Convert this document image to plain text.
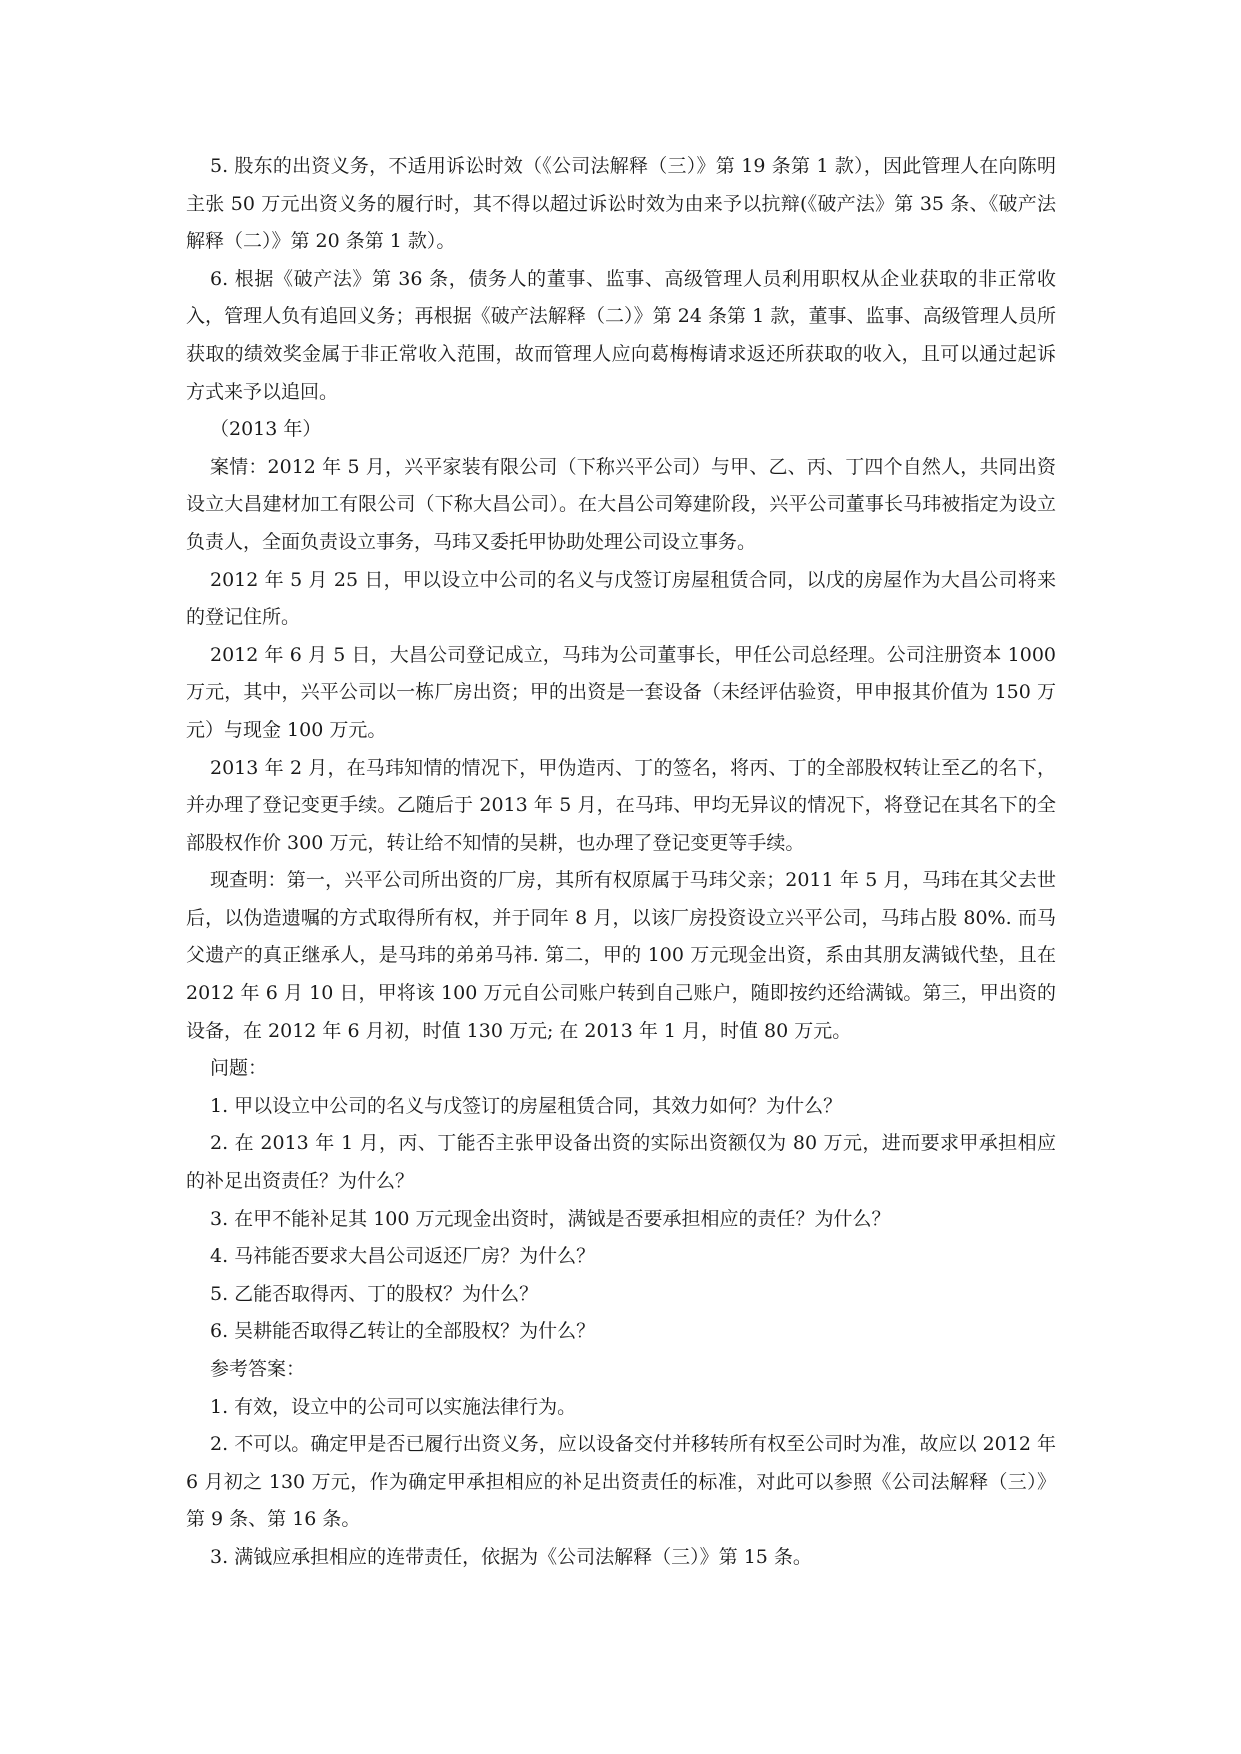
5. 股东的出资义务，不适用诉讼时效（《公司法解释（三）》第 19 条第 1 款），因此管理人在向陈明主张 50 万元出资义务的履行时，其不得以超过诉讼时效为由来予以抗辩(《破产法》第 35 条、《破产法解释（二）》第 20 条第 1 款）。

6. 根据《破产法》第 36 条，债务人的董事、监事、高级管理人员利用职权从企业获取的非正常收入，管理人负有追回义务；再根据《破产法解释（二）》第 24 条第 1 款，董事、监事、高级管理人员所获取的绩效奖金属于非正常收入范围，故而管理人应向葛梅梅请求返还所获取的收入，且可以通过起诉方式来予以追回。

（2013 年）

案情：2012 年 5 月，兴平家装有限公司（下称兴平公司）与甲、乙、丙、丁四个自然人，共同出资设立大昌建材加工有限公司（下称大昌公司）。在大昌公司筹建阶段，兴平公司董事长马玮被指定为设立负责人，全面负责设立事务，马玮又委托甲协助处理公司设立事务。

2012 年 5 月 25 日，甲以设立中公司的名义与戊签订房屋租赁合同，以戊的房屋作为大昌公司将来的登记住所。

2012 年 6 月 5 日，大昌公司登记成立，马玮为公司董事长，甲任公司总经理。公司注册资本 1000 万元，其中，兴平公司以一栋厂房出资；甲的出资是一套设备（未经评估验资，甲申报其价值为 150 万元）与现金 100 万元。

2013 年 2 月，在马玮知情的情况下，甲伪造丙、丁的签名，将丙、丁的全部股权转让至乙的名下，并办理了登记变更手续。乙随后于 2013 年 5 月，在马玮、甲均无异议的情况下，将登记在其名下的全部股权作价 300 万元，转让给不知情的吴耕，也办理了登记变更等手续。

现查明：第一，兴平公司所出资的厂房，其所有权原属于马玮父亲；2011 年 5 月，马玮在其父去世后，以伪造遗嘱的方式取得所有权，并于同年 8 月，以该厂房投资设立兴平公司，马玮占股 80%. 而马父遗产的真正继承人，是马玮的弟弟马祎. 第二，甲的 100 万元现金出资，系由其朋友满钺代垫，且在 2012 年 6 月 10 日，甲将该 100 万元自公司账户转到自己账户，随即按约还给满钺。第三，甲出资的设备，在 2012 年 6 月初，时值 130 万元; 在 2013 年 1 月，时值 80 万元。

问题：

1. 甲以设立中公司的名义与戊签订的房屋租赁合同，其效力如何？为什么？

2. 在 2013 年 1 月，丙、丁能否主张甲设备出资的实际出资额仅为 80 万元，进而要求甲承担相应的补足出资责任？为什么？

3. 在甲不能补足其 100 万元现金出资时，满钺是否要承担相应的责任？为什么？

4. 马祎能否要求大昌公司返还厂房？为什么？

5. 乙能否取得丙、丁的股权？为什么？

6. 吴耕能否取得乙转让的全部股权？为什么？

参考答案：

1. 有效，设立中的公司可以实施法律行为。

2. 不可以。确定甲是否已履行出资义务，应以设备交付并移转所有权至公司时为准，故应以 2012 年 6 月初之 130 万元，作为确定甲承担相应的补足出资责任的标准，对此可以参照《公司法解释（三）》第 9 条、第 16 条。

3. 满钺应承担相应的连带责任，依据为《公司法解释（三）》第 15 条。
